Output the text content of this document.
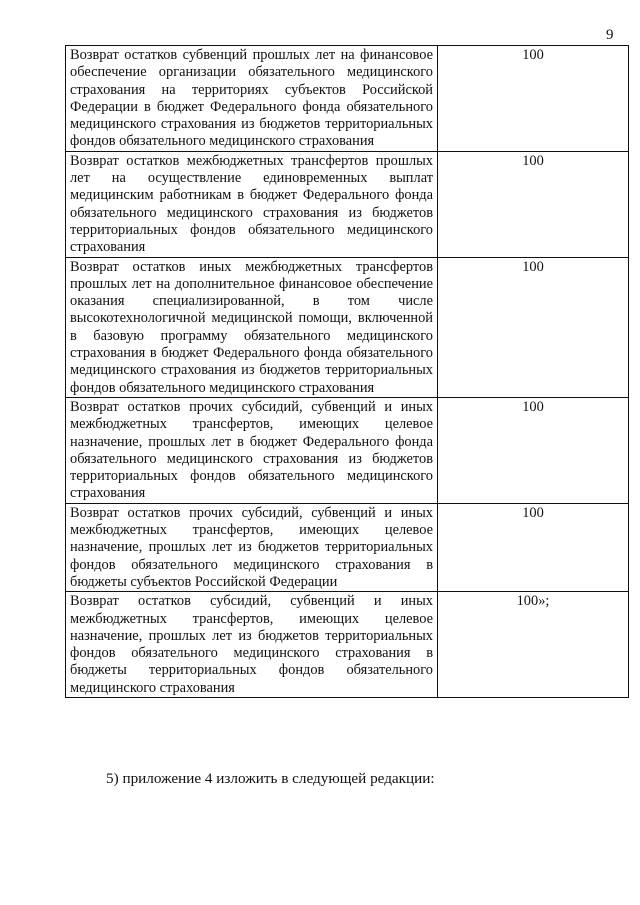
9
Возврат остатков субвенций прошлых лет на финансовое обеспечение организации обязательного медицинского страхования на территориях субъектов Российской Федерации в бюджет Федерального фонда обязательного медицинского страхования из бюджетов территориальных фондов обязательного медицинского страхования	100
Возврат остатков межбюджетных трансфертов прошлых лет на осуществление единовременных выплат медицинским работникам в бюджет Федерального фонда обязательного медицинского страхования из бюджетов территориальных фондов обязательного медицинского страхования	100
Возврат остатков иных межбюджетных трансфертов прошлых лет на дополнительное финансовое обеспечение оказания специализированной, в том числе высокотехнологичной медицинской помощи, включенной в базовую программу обязательного медицинского страхования в бюджет Федерального фонда обязательного медицинского страхования из бюджетов территориальных фондов обязательного медицинского страхования	100
Возврат остатков прочих субсидий, субвенций и иных межбюджетных трансфертов, имеющих целевое назначение, прошлых лет в бюджет Федерального фонда обязательного медицинского страхования из бюджетов территориальных фондов обязательного медицинского страхования	100
Возврат остатков прочих субсидий, субвенций и иных межбюджетных трансфертов, имеющих целевое назначение, прошлых лет из бюджетов территориальных фондов обязательного медицинского страхования в бюджеты субъектов Российской Федерации	100
Возврат остатков субсидий, субвенций и иных межбюджетных трансфертов, имеющих целевое назначение, прошлых лет из бюджетов территориальных фондов обязательного медицинского страхования в бюджеты территориальных фондов обязательного медицинского страхования	100»;
5) приложение 4 изложить в следующей редакции:
